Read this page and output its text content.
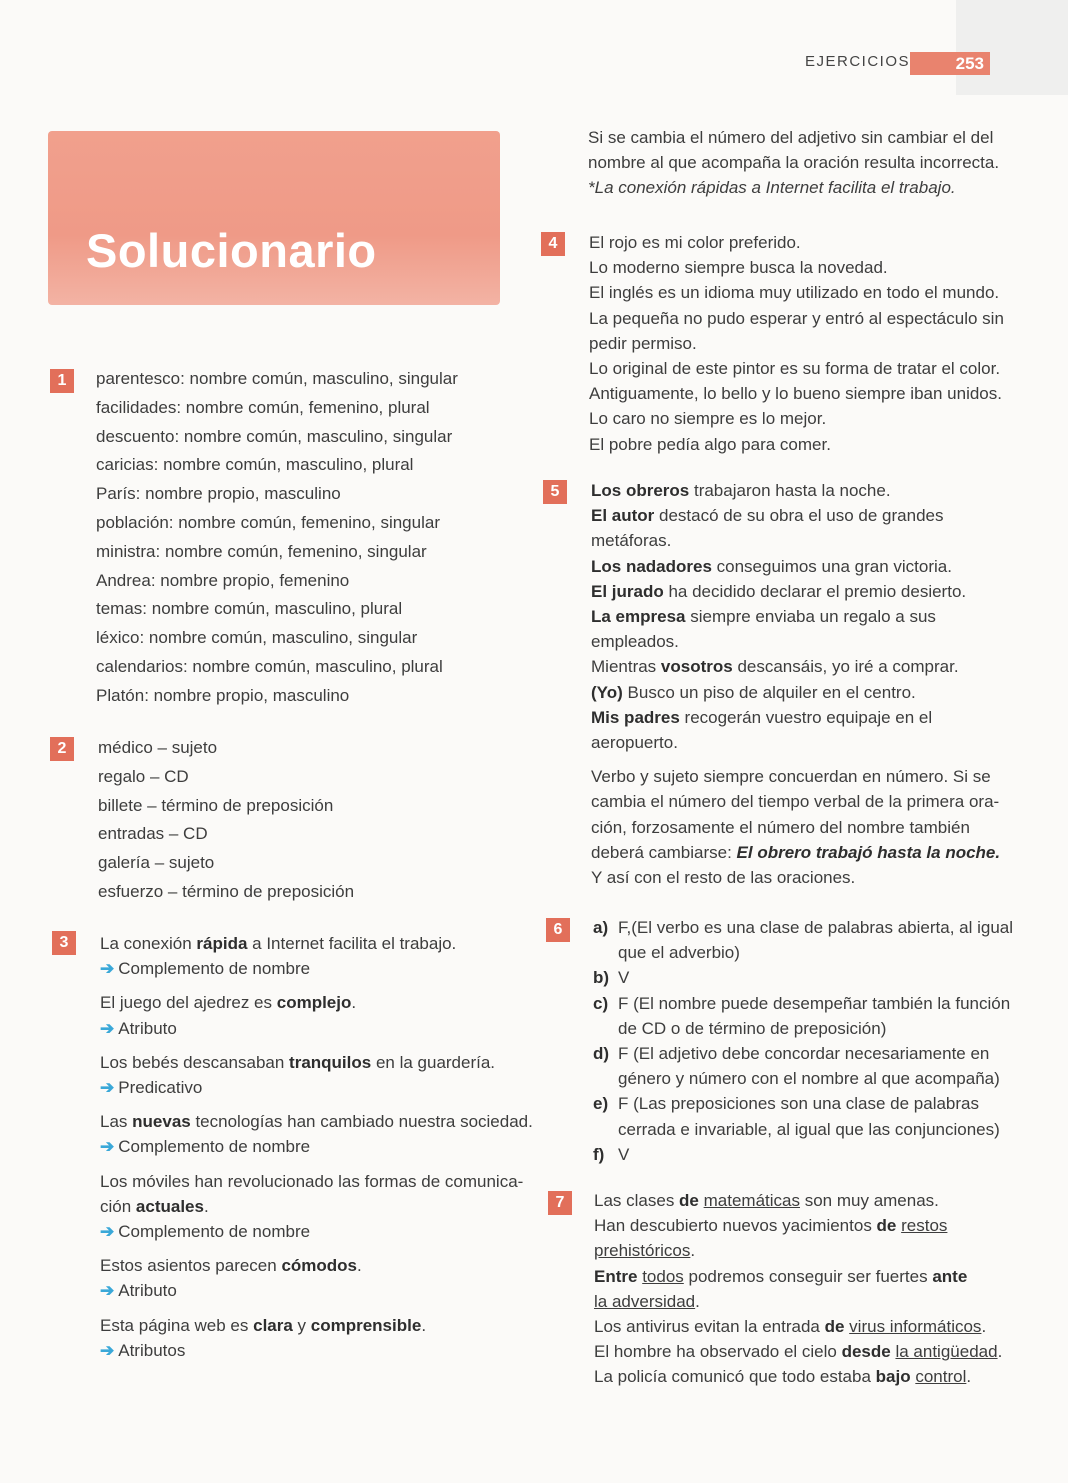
EJERCICIOS	253
Solucionario
1	parentesco: nombre común, masculino, singular
facilidades: nombre común, femenino, plural
descuento: nombre común, masculino, singular
caricias: nombre común, masculino, plural
París: nombre propio, masculino
población: nombre común, femenino, singular
ministra: nombre común, femenino, singular
Andrea: nombre propio, femenino
temas: nombre común, masculino, plural
léxico: nombre común, masculino, singular
calendarios: nombre común, masculino, plural
Platón: nombre propio, masculino
2	médico – sujeto
regalo – CD
billete – término de preposición
entradas – CD
galería – sujeto
esfuerzo – término de preposición
3	La conexión rápida a Internet facilita el trabajo.
➔ Complemento de nombre
El juego del ajedrez es complejo.
➔ Atributo
Los bebés descansaban tranquilos en la guardería.
➔ Predicativo
Las nuevas tecnologías han cambiado nuestra sociedad.
➔ Complemento de nombre
Los móviles han revolucionado las formas de comunica-
ción actuales.
➔ Complemento de nombre
Estos asientos parecen cómodos.
➔ Atributo
Esta página web es clara y comprensible.
➔ Atributos
Si se cambia el número del adjetivo sin cambiar el del
nombre al que acompaña la oración resulta incorrecta.
*La conexión rápidas a Internet facilita el trabajo.
4	El rojo es mi color preferido.
Lo moderno siempre busca la novedad.
El inglés es un idioma muy utilizado en todo el mundo.
La pequeña no pudo esperar y entró al espectáculo sin
pedir permiso.
Lo original de este pintor es su forma de tratar el color.
Antiguamente, lo bello y lo bueno siempre iban unidos.
Lo caro no siempre es lo mejor.
El pobre pedía algo para comer.
5	Los obreros trabajaron hasta la noche.
El autor destacó de su obra el uso de grandes
metáforas.
Los nadadores conseguimos una gran victoria.
El jurado ha decidido declarar el premio desierto.
La empresa siempre enviaba un regalo a sus
empleados.
Mientras vosotros descansáis, yo iré a comprar.
(Yo) Busco un piso de alquiler en el centro.
Mis padres recogerán vuestro equipaje en el
aeropuerto.
Verbo y sujeto siempre concuerdan en número. Si se
cambia el número del tiempo verbal de la primera ora-
ción, forzosamente el número del nombre también
deberá cambiarse: El obrero trabajó hasta la noche.
Y así con el resto de las oraciones.
6	a) F,(El verbo es una clase de palabras abierta, al igual
que el adverbio)
b) V
c) F (El nombre puede desempeñar también la función
de CD o de término de preposición)
d) F (El adjetivo debe concordar necesariamente en
género y número con el nombre al que acompaña)
e) F (Las preposiciones son una clase de palabras
cerrada e invariable, al igual que las conjunciones)
f) V
7	Las clases de matemáticas son muy amenas.
Han descubierto nuevos yacimientos de restos
prehistóricos.
Entre todos podremos conseguir ser fuertes ante
la adversidad.
Los antivirus evitan la entrada de virus informáticos.
El hombre ha observado el cielo desde la antigüedad.
La policía comunicó que todo estaba bajo control.
